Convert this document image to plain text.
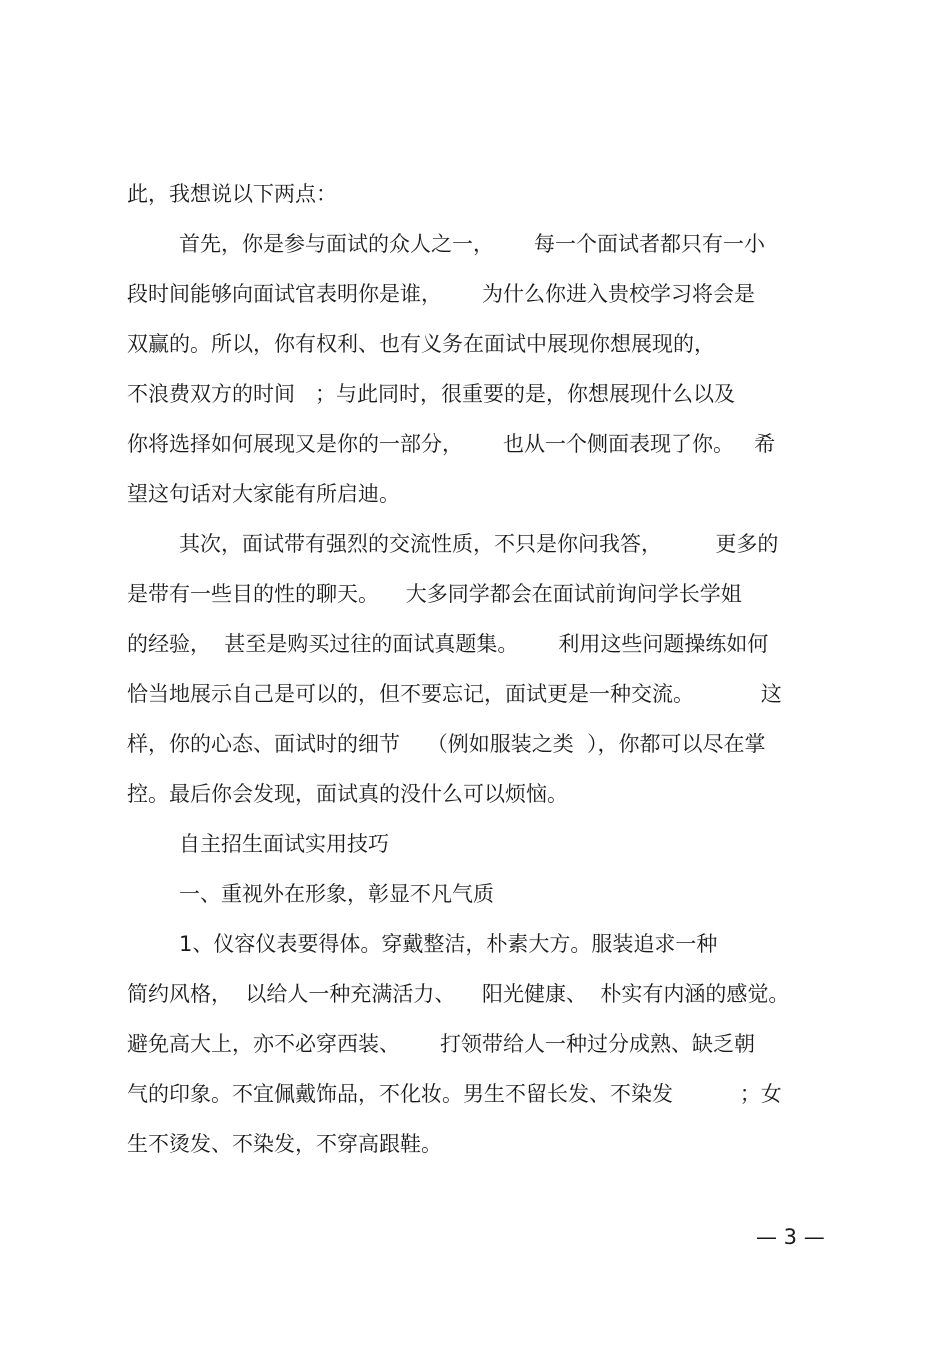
此，我想说以下两点：
首先，你是参与面试的众人之一，      每一个面试者都只有一小
段时间能够向面试官表明你是谁，      为什么你进入贵校学习将会是
双赢的。所以，你有权利、也有义务在面试中展现你想展现的，
不浪费双方的时间   ；与此同时，很重要的是，你想展现什么以及
你将选择如何展现又是你的一部分，      也从一个侧面表现了你。   希
望这句话对大家能有所启迪。
其次，面试带有强烈的交流性质，不只是你问我答，        更多的
是带有一些目的性的聊天。    大多同学都会在面试前询问学长学姐
的经验，  甚至是购买过往的面试真题集。      利用这些问题操练如何
恰当地展示自己是可以的，但不要忘记，面试更是一种交流。          这
样，你的心态、面试时的细节    （例如服装之类  ），你都可以尽在掌
控。最后你会发现，面试真的没什么可以烦恼。
自主招生面试实用技巧
一、重视外在形象，彰显不凡气质
1、仪容仪表要得体。穿戴整洁，朴素大方。服装追求一种
简约风格，  以给人一种充满活力、    阳光健康、  朴实有内涵的感觉。
避免高大上，亦不必穿西装、      打领带给人一种过分成熟、缺乏朝
气的印象。不宜佩戴饰品，不化妆。男生不留长发、不染发          ；女
生不烫发、不染发，不穿高跟鞋。
— 3 —
